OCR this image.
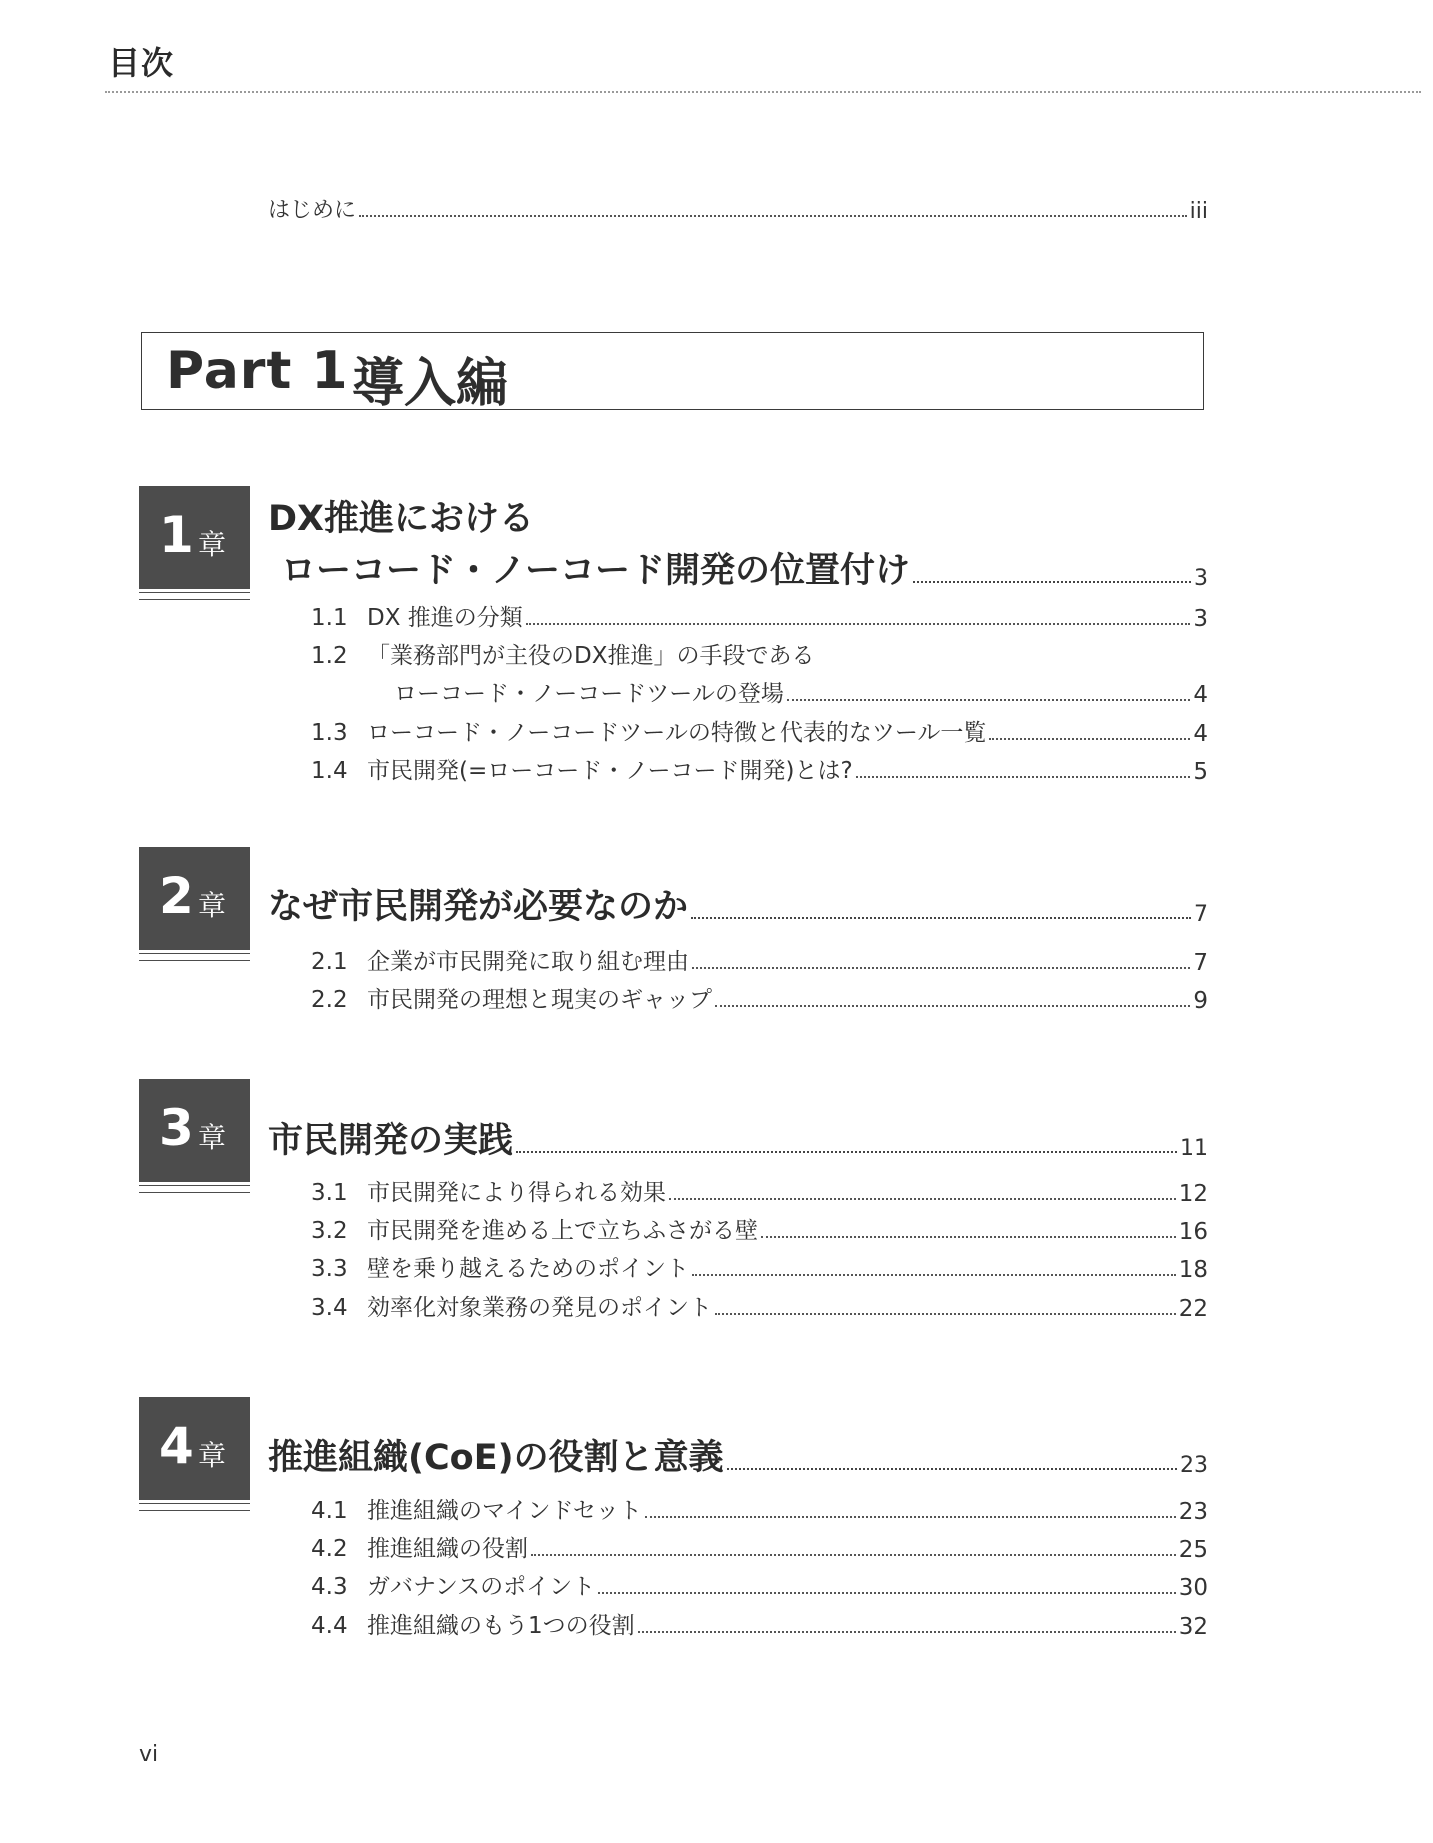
目次
はじめに	iii
Part 1 導入編
1 章
DX推進における
ローコード・ノーコード開発の位置付け	3
1.1 DX 推進の分類	3
1.2 「業務部門が主役のDX推進」の手段である
ローコード・ノーコードツールの登場	4
1.3 ローコード・ノーコードツールの特徴と代表的なツール一覧	4
1.4 市民開発(=ローコード・ノーコード開発)とは?	5
2 章 なぜ市民開発が必要なのか	7
2.1 企業が市民開発に取り組む理由	7
2.2 市民開発の理想と現実のギャップ	9
3 章 市民開発の実践	11
3.1 市民開発により得られる効果	12
3.2 市民開発を進める上で立ちふさがる壁	16
3.3 壁を乗り越えるためのポイント	18
3.4 効率化対象業務の発見のポイント	22
4 章 推進組織(CoE)の役割と意義	23
4.1 推進組織のマインドセット	23
4.2 推進組織の役割	25
4.3 ガバナンスのポイント	30
4.4 推進組織のもう1つの役割	32
vi
